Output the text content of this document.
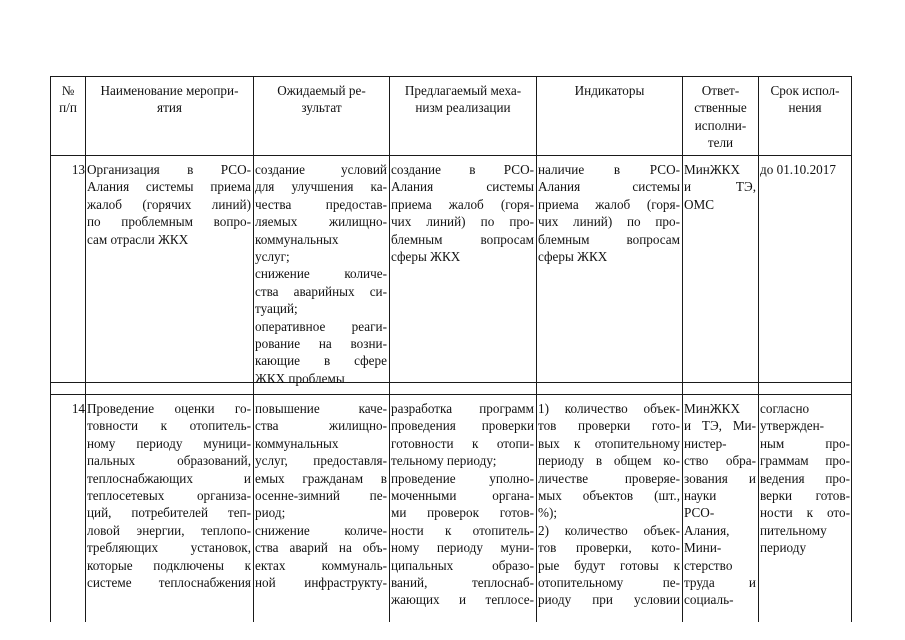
№
п/п
Наименование меропри-
ятия
Ожидаемый ре-
зультат
Предлагаемый меха-
низм реализации
Индикаторы	Ответ-
ственные
исполни-
тели
Срок испол-
нения
13 Организация в РСО-
Алания системы приема
жалоб (горячих линий)
по проблемным вопро-
сам отрасли ЖКХ
создание условий
для улучшения ка-
чества предостав-
ляемых жилищно-
коммунальных
услуг;
снижение количе-
ства аварийных си-
туаций;
оперативное реаги-
рование на возни-
кающие в сфере
ЖКХ проблемы
создание в РСО-
Алания системы
приема жалоб (горя-
чих линий) по про-
блемным вопросам
сферы ЖКХ
наличие в РСО-
Алания системы
приема жалоб (горя-
чих линий) по про-
блемным вопросам
сферы ЖКХ
МинЖКХ
и ТЭ,
ОМС
до 01.10.2017
14 Проведение оценки го-
товности к отопитель-
ному периоду муници-
пальных образований,
теплоснабжающих и
теплосетевых организа-
ций, потребителей теп-
ловой энергии, теплопо-
требляющих установок,
которые подключены к
системе теплоснабжения
повышение каче-
ства жилищно-
коммунальных
услуг, предоставля-
емых гражданам в
осенне-зимний пе-
риод;
снижение количе-
ства аварий на объ-
ектах коммуналь-
ной инфраструкту-
разработка программ
проведения проверки
готовности к отопи-
тельному периоду;
проведение уполно-
моченными органа-
ми проверок готов-
ности к отопитель-
ному периоду муни-
ципальных образо-
ваний, теплоснаб-
жающих и теплосе-
1) количество объек-
тов проверки гото-
вых к отопительному
периоду в общем ко-
личестве проверяе-
мых объектов (шт.,
%);
2) количество объек-
тов проверки, кото-
рые будут готовы к
отопительному пе-
риоду при условии
МинЖКХ
и ТЭ, Ми-
нистер-
ство обра-
зования и
науки
РСО-
Алания,
Мини-
стерство
труда и
социаль-
согласно
утвержден-
ным про-
граммам про-
ведения про-
верки готов-
ности к ото-
пительному
периоду
